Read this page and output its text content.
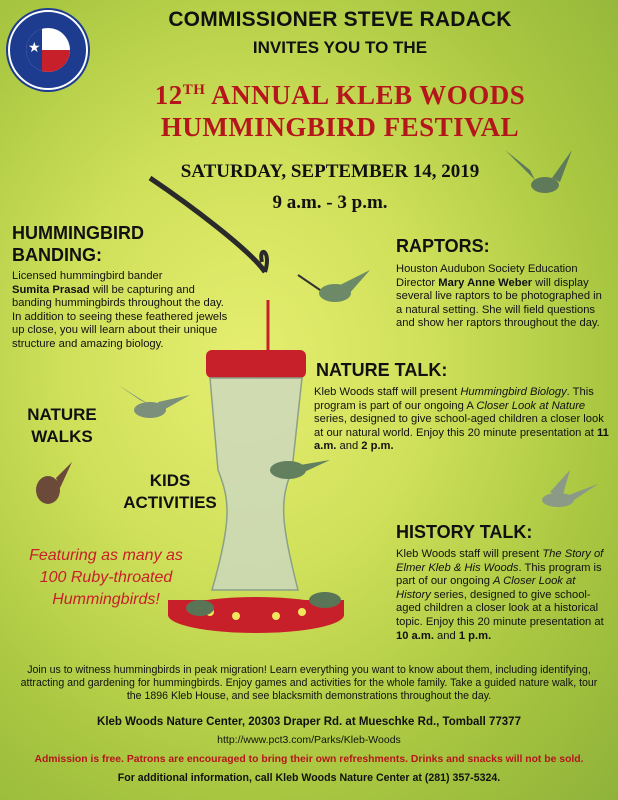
★
COMMISSIONER STEVE RADACK
INVITES YOU TO THE
12TH ANNUAL KLEB WOODS
HUMMINGBIRD FESTIVAL
SATURDAY, SEPTEMBER 14, 2019
9 a.m. - 3 p.m.
HUMMINGBIRD
BANDING:
Licensed hummingbird bander
Sumita Prasad will be capturing and banding hummingbirds throughout the day. In addition to seeing these feathered jewels up close, you will learn about their unique structure and amazing biology.
RAPTORS:
Houston Audubon Society Education Director Mary Anne Weber will display several live raptors to be photographed in a natural setting. She will field questions and show her raptors throughout the day.
NATURE TALK:
Kleb Woods staff will present Hummingbird Biology. This program is part of our ongoing A Closer Look at Nature series, designed to give school-aged children a closer look at our natural world. Enjoy this 20 minute presentation at 11 a.m. and 2 p.m.
NATURE
WALKS
KIDS
ACTIVITIES
Featuring as many as
100 Ruby-throated
Hummingbirds!
HISTORY TALK:
Kleb Woods staff will present The Story of Elmer Kleb & His Woods. This program is part of our ongoing A Closer Look at History series, designed to give school-aged children a closer look at a historical topic. Enjoy this 20 minute presentation at 10 a.m. and 1 p.m.
Join us to witness hummingbirds in peak migration! Learn everything you want to know about them, including identifying, attracting and gardening for hummingbirds. Enjoy games and activities for the whole family. Take a guided nature walk, tour the 1896 Kleb House, and see blacksmith demonstrations throughout the day.
Kleb Woods Nature Center, 20303 Draper Rd. at Mueschke Rd., Tomball 77377
http://www.pct3.com/Parks/Kleb-Woods
Admission is free. Patrons are encouraged to bring their own refreshments. Drinks and snacks will not be sold.
For additional information, call Kleb Woods Nature Center at (281) 357-5324.
